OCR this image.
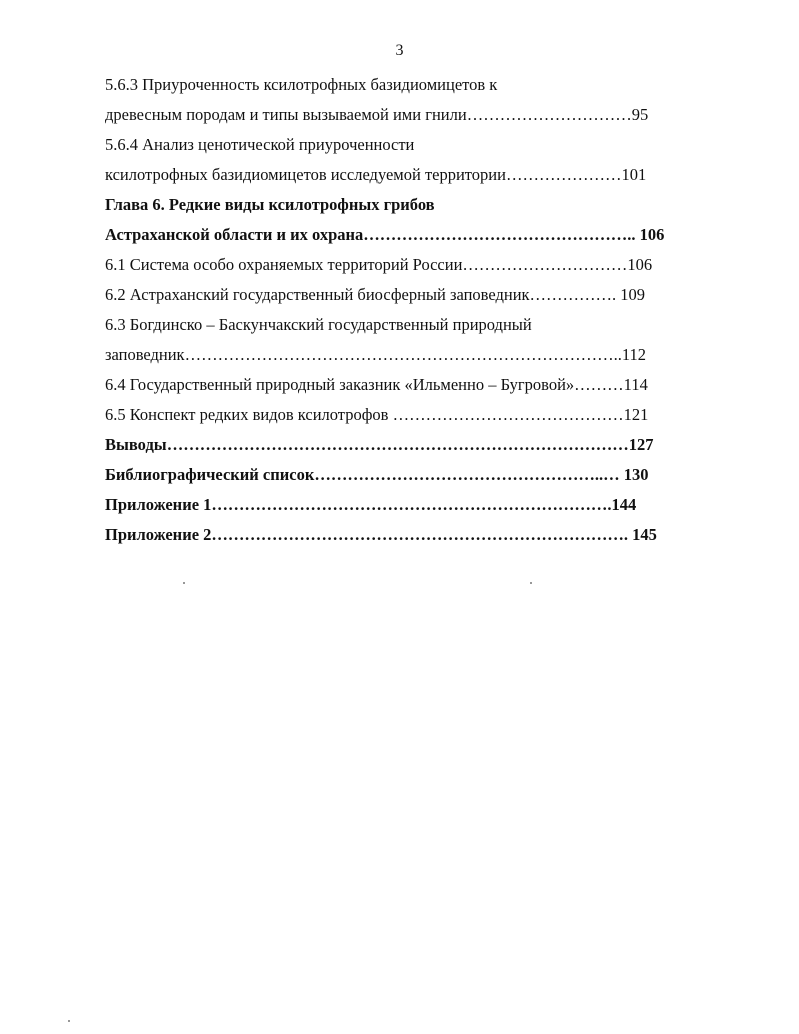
3
5.6.3 Приуроченность ксилотрофных базидиомицетов к
древесным породам и типы вызываемой ими гнили…………………………95
5.6.4 Анализ ценотической приуроченности
ксилотрофных базидиомицетов исследуемой территории…………………101
Глава 6. Редкие виды ксилотрофных грибов
Астраханской области и их охрана………………………………………….. 106
6.1 Система особо охраняемых территорий России…………………………106
6.2 Астраханский государственный биосферный заповедник……………. 109
6.3 Богдинско – Баскунчакский государственный природный
заповедник……………………………………………………………………..112
6.4 Государственный природный заказник «Ильменно – Бугровой»………114
6.5 Конспект редких видов ксилотрофов ……………………………………121
Выводы…………………………………………………………………………127
Библиографический список……………………………………………..… 130
Приложение 1……………………………………………………………….144
Приложение 2…………………………………………………………………. 145
